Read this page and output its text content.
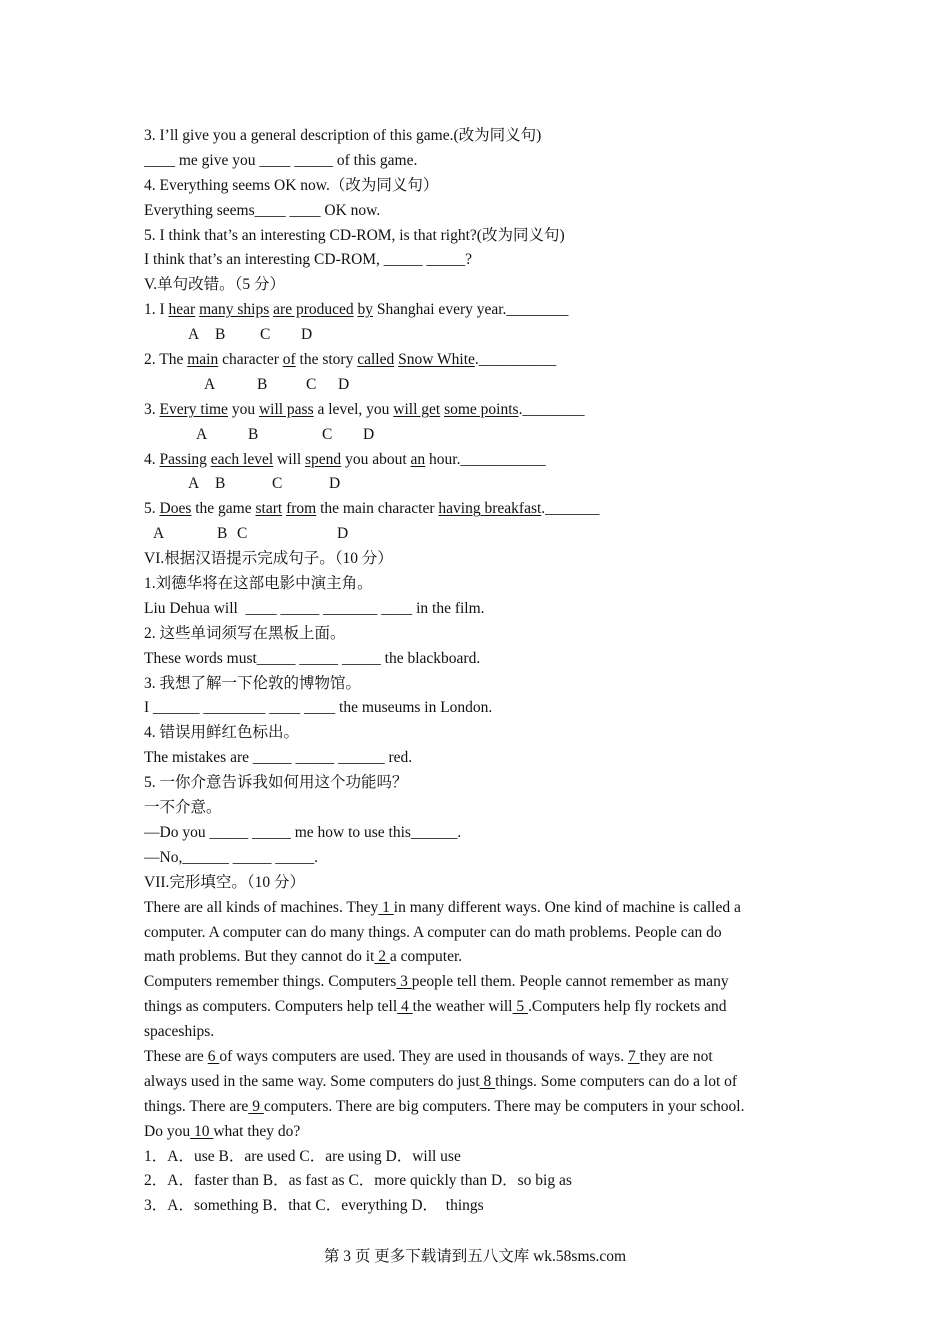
3. I’ll give you a general description of this game.(改为同义句)
____ me give you ____ _____ of this game.
4. Everything seems OK now.（改为同义句）
Everything seems____ ____ OK now.
5. I think that’s an interesting CD-ROM, is that right?(改为同义句)
I think that’s an interesting CD-ROM, _____ _____?
V.单句改错。（5 分）
1. I hear many ships are produced by Shanghai every year.________

A

B

C

D

2. The main character of the story called Snow White.__________

A

	B

C

D

3. Every time you will pass a level, you will get some points.________

A

	B

	C

D

4. Passing each level will spend you about an hour.___________

A

B

	C

	D

5. Does the game start from the main character having breakfast._______

A

	B

C

	D

VI.根据汉语提示完成句子。（10 分）
1.刘德华将在这部电影中演主角。
Liu Dehua will  ____ _____ _______ ____ in the film.
2. 这些单词须写在黑板上面。
These words must_____ _____ _____ the blackboard.
3. 我想了解一下伦敦的博物馆。
I ______ ________ ____ ____ the museums in London.
4. 错误用鲜红色标出。
The mistakes are _____ _____ ______ red.
5. 一你介意告诉我如何用这个功能吗？
一不介意。
—Do you _____ _____ me how to use this______.
—No,______ _____ _____.
VII.完形填空。（10 分）
There are all kinds of machines. They 1 in many different ways. One kind of machine is called a
computer. A computer can do many things. A computer can do math problems. People can do
math problems. But they cannot do it 2 a computer.
Computers remember things. Computers 3 people tell them. People cannot remember as many
things as computers. Computers help tell 4 the weather will 5 .Computers help fly rockets and
spaceships.
These are 6 of ways computers are used. They are used in thousands of ways. 7 they are not
always used in the same way. Some computers do just 8 things. Some computers can do a lot of
things. There are 9 computers. There are big computers. There may be computers in your school.
Do you 10 what they do?
1．A．use B．are used C．are using D．will use
2．A．faster than B．as fast as C．more quickly than D．so big as
3．A．something B．that C．everything D．  things
第 3 页 更多下载请到五八文库 wk.58sms.com
